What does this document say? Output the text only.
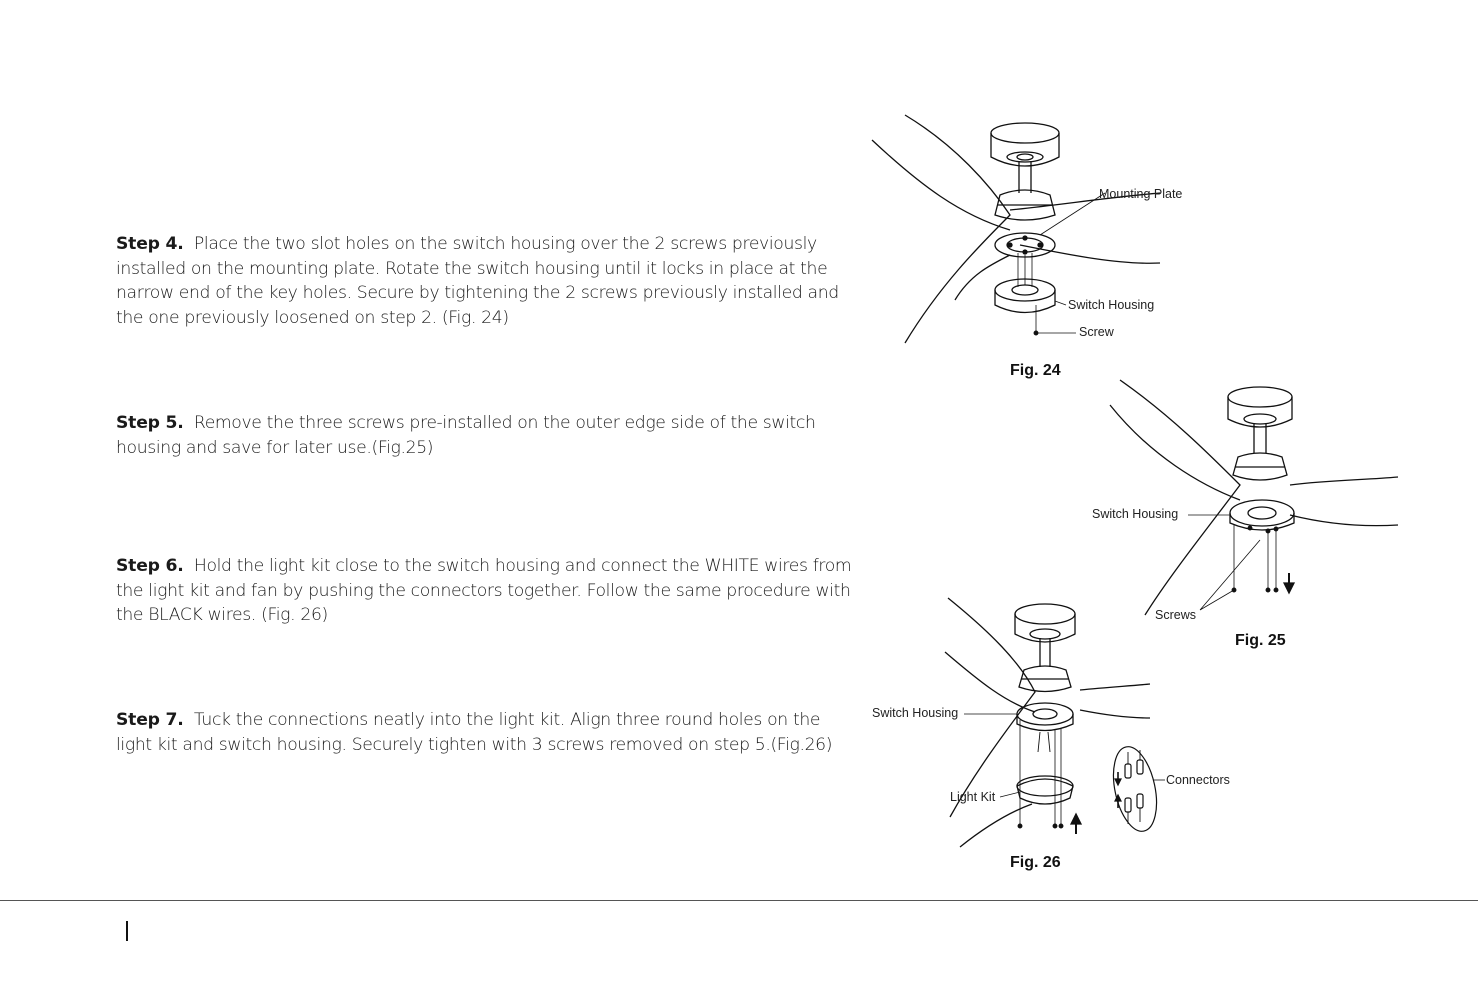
Step 4. Place the two slot holes on the switch housing over the 2 screws previously installed on the mounting plate. Rotate the switch housing until it locks in place at the narrow end of the key holes. Secure by tightening the 2 screws previously installed and the one previously loosened on step 2. (Fig. 24)

Step 5. Remove the three screws pre-installed on the outer edge side of the switch housing and save for later use.(Fig.25)

Step 6. Hold the light kit close to the switch housing and connect the WHITE wires from the light kit and fan by pushing the connectors together. Follow the same procedure with the BLACK wires. (Fig. 26)

Step 7. Tuck the connections neatly into the light kit. Align three round holes on the light kit and switch housing. Securely tighten with 3 screws removed on step 5.(Fig.26)

Mounting Plate
Switch Housing
Screw
Fig. 24
Switch Housing
Screws
Fig. 25
Switch Housing
Light Kit
Connectors
Fig. 26
